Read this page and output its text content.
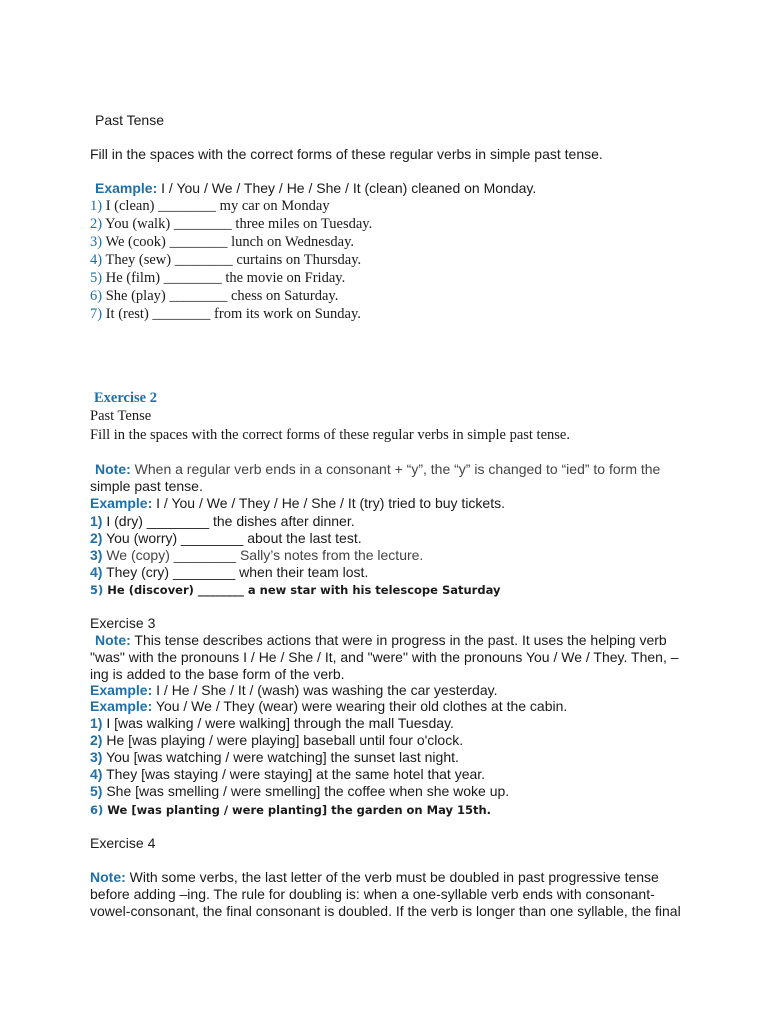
Past Tense

Fill in the spaces with the correct forms of these regular verbs in simple past tense.

Example: I / You / We / They / He / She / It (clean) cleaned on Monday.

1) I (clean) ________ my car on Monday

2) You (walk) ________ three miles on Tuesday.

3) We (cook) ________ lunch on Wednesday.

4) They (sew) ________ curtains on Thursday.

5) He (film) ________ the movie on Friday.

6) She (play) ________ chess on Saturday.

7) It (rest) ________ from its work on Sunday.

Exercise 2

Past Tense

Fill in the spaces with the correct forms of these regular verbs in simple past tense.

Note: When a regular verb ends in a consonant + “y”, the “y” is changed to “ied” to form the

simple past tense.

Example: I / You / We / They / He / She / It (try) tried to buy tickets.

1) I (dry) ________ the dishes after dinner.

2) You (worry) ________ about the last test.

3) We (copy) ________ Sally’s notes from the lecture.

4) They (cry) ________ when their team lost.

5) He (discover) ________ a new star with his telescope Saturday

Exercise 3

Note: This tense describes actions that were in progress in the past. It uses the helping verb "was" with the pronouns I / He / She / It, and "were" with the pronouns You / We / They. Then, –ing is added to the base form of the verb.

Example: I / He / She / It / (wash) was washing the car yesterday.

Example: You / We / They (wear) were wearing their old clothes at the cabin.

1) I [was walking / were walking] through the mall Tuesday.

2) He [was playing / were playing] baseball until four o'clock.

3) You [was watching / were watching] the sunset last night.

4) They [was staying / were staying] at the same hotel that year.

5) She [was smelling / were smelling] the coffee when she woke up.

6) We [was planting / were planting] the garden on May 15th.

Exercise 4

Note: With some verbs, the last letter of the verb must be doubled in past progressive tense before adding –ing. The rule for doubling is: when a one-syllable verb ends with consonant-vowel-consonant, the final consonant is doubled. If the verb is longer than one syllable, the final
